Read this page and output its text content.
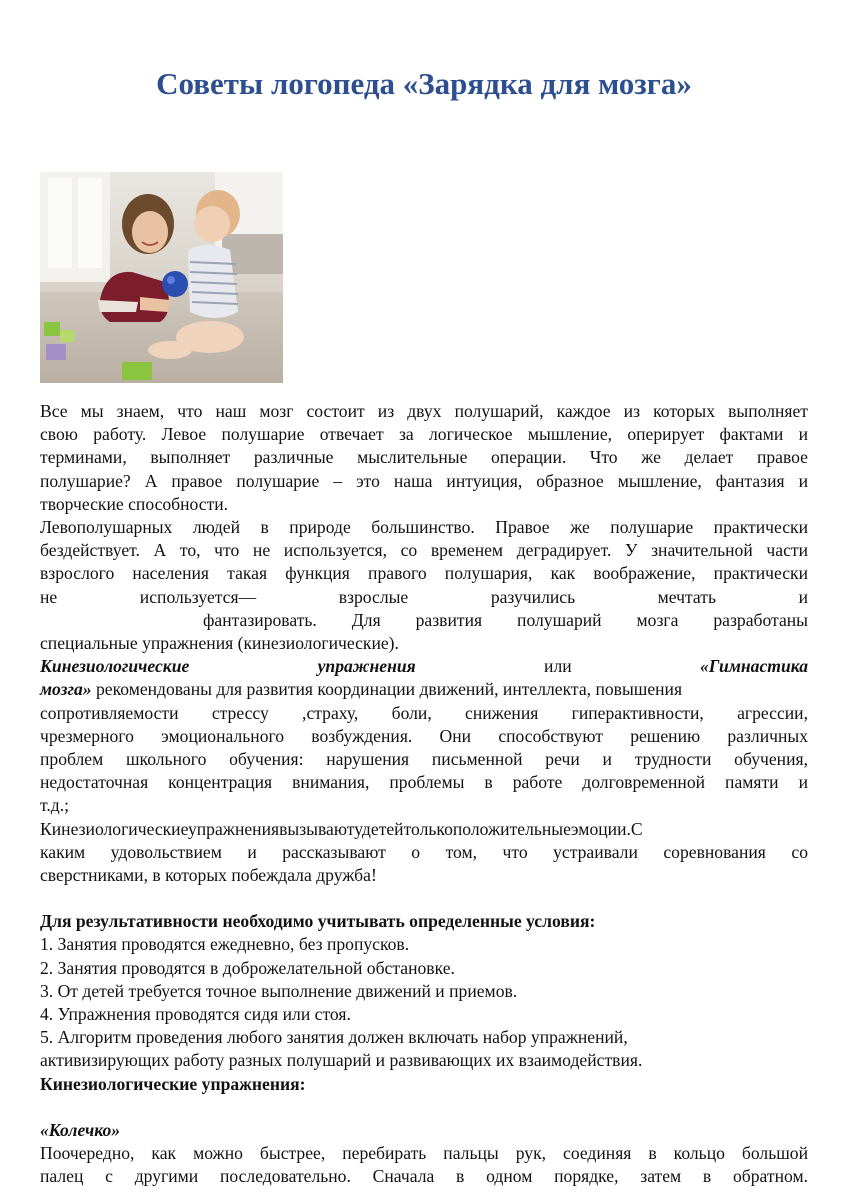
Советы логопеда «Зарядка для мозга»

Все мы знаем, что наш мозг состоит из двух полушарий, каждое из которых выполняет

свою работу. Левое полушарие отвечает за логическое мышление, оперирует фактами и

терминами, выполняет различные мыслительные операции. Что же делает правое

полушарие? А правое полушарие – это наша интуиция, образное мышление, фантазия и

творческие способности.

Левополушарных людей в природе большинство. Правое же полушарие практически

бездействует. А то, что не используется, со временем деградирует. У значительной части

взрослого населения такая функция правого полушария, как воображение, практически

не используется— взрослые разучились мечтать и

фантазировать. Для развития полушарий мозга разработаны

специальные упражнения (кинезиологические).

Кинезиологические упражнения	или	«Гимнастика

мозга» рекомендованы для развития координации движений, интеллекта, повышения

сопротивляемости стрессу ,страху, боли, снижения гиперактивности, агрессии,

чрезмерного эмоционального возбуждения. Они способствуют решению различных

проблем школьного обучения: нарушения письменной речи и трудности обучения,

недостаточная концентрация внимания, проблемы в работе долговременной памяти и

т.д.;

Кинезиологическиеупражнениявызываютудетейтолькоположительныеэмоции.С

каким удовольствием и рассказывают о том, что устраивали соревнования со

сверстниками, в которых побеждала дружба!

Для результативности необходимо учитывать определенные условия:

1. Занятия проводятся ежедневно, без пропусков.

2. Занятия проводятся в доброжелательной обстановке.

3. От детей требуется точное выполнение движений и приемов.

4. Упражнения проводятся сидя или стоя.

5. Алгоритм проведения любого занятия должен включать набор упражнений,

активизирующих работу разных полушарий и развивающих их взаимодействия.

Кинезиологические упражнения:

«Колечко»

Поочередно, как можно быстрее, перебирать пальцы рук, соединяя в кольцо большой

палец с другими последовательно. Сначала в одном порядке, затем в обратном.
